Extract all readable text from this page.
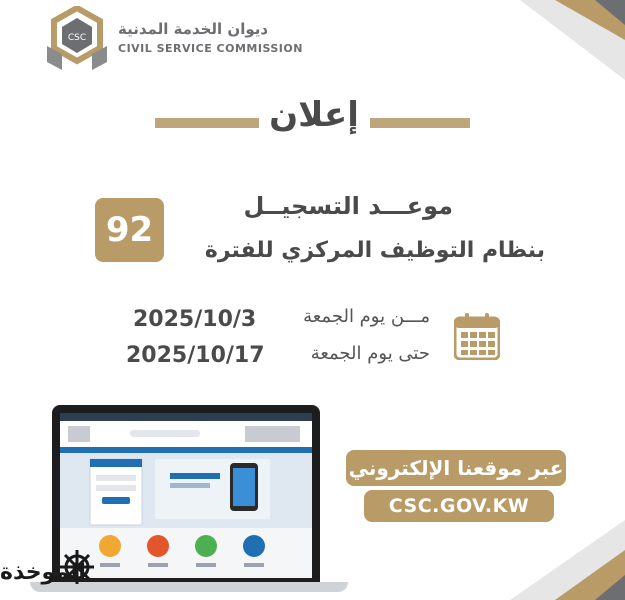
CSC ديوان الخدمة المدنية
CIVIL SERVICE COMMISSION
إعلان
92
موعـــد التسجيــل
بنظام التوظيف المركزي للفترة
مـــن يوم الجمعة
2025/10/3
حتى يوم الجمعة
2025/10/17
عبر موقعنا الإلكتروني
CSC.GOV.KW
الموخذة
